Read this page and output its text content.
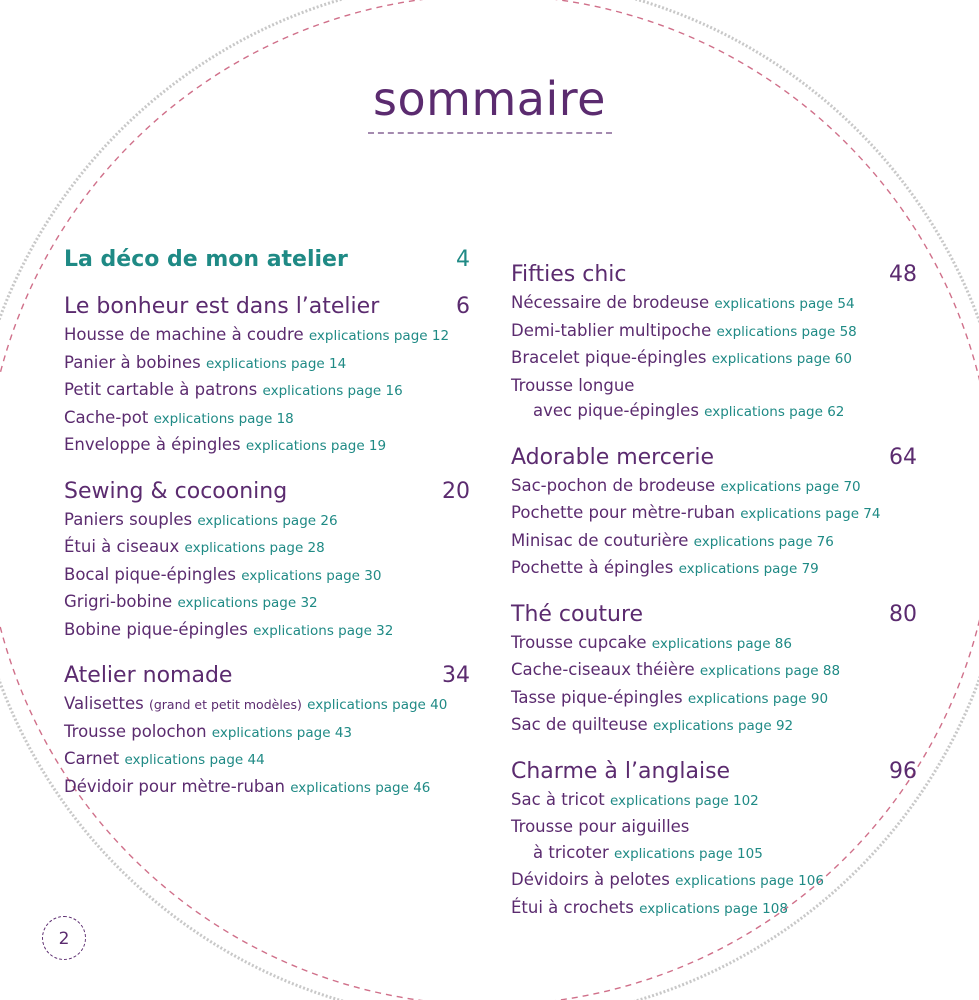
sommaire
La déco de mon atelier	4
Le bonheur est dans l’atelier	6
Housse de machine à coudre explications page 12
Panier à bobines explications page 14
Petit cartable à patrons explications page 16
Cache-pot explications page 18
Enveloppe à épingles explications page 19
Sewing & cocooning	20
Paniers souples explications page 26
Étui à ciseaux explications page 28
Bocal pique-épingles explications page 30
Grigri-bobine explications page 32
Bobine pique-épingles explications page 32
Atelier nomade	34
Valisettes (grand et petit modèles) explications page 40
Trousse polochon explications page 43
Carnet explications page 44
Dévidoir pour mètre-ruban explications page 46
Fifties chic	48
Nécessaire de brodeuse explications page 54
Demi-tablier multipoche explications page 58
Bracelet pique-épingles explications page 60
Trousse longue
avec pique-épingles explications page 62
Adorable mercerie	64
Sac-pochon de brodeuse explications page 70
Pochette pour mètre-ruban explications page 74
Minisac de couturière explications page 76
Pochette à épingles explications page 79
Thé couture	80
Trousse cupcake explications page 86
Cache-ciseaux théière explications page 88
Tasse pique-épingles explications page 90
Sac de quilteuse explications page 92
Charme à l’anglaise	96
Sac à tricot explications page 102
Trousse pour aiguilles
à tricoter explications page 105
Dévidoirs à pelotes explications page 106
Étui à crochets explications page 108
2
